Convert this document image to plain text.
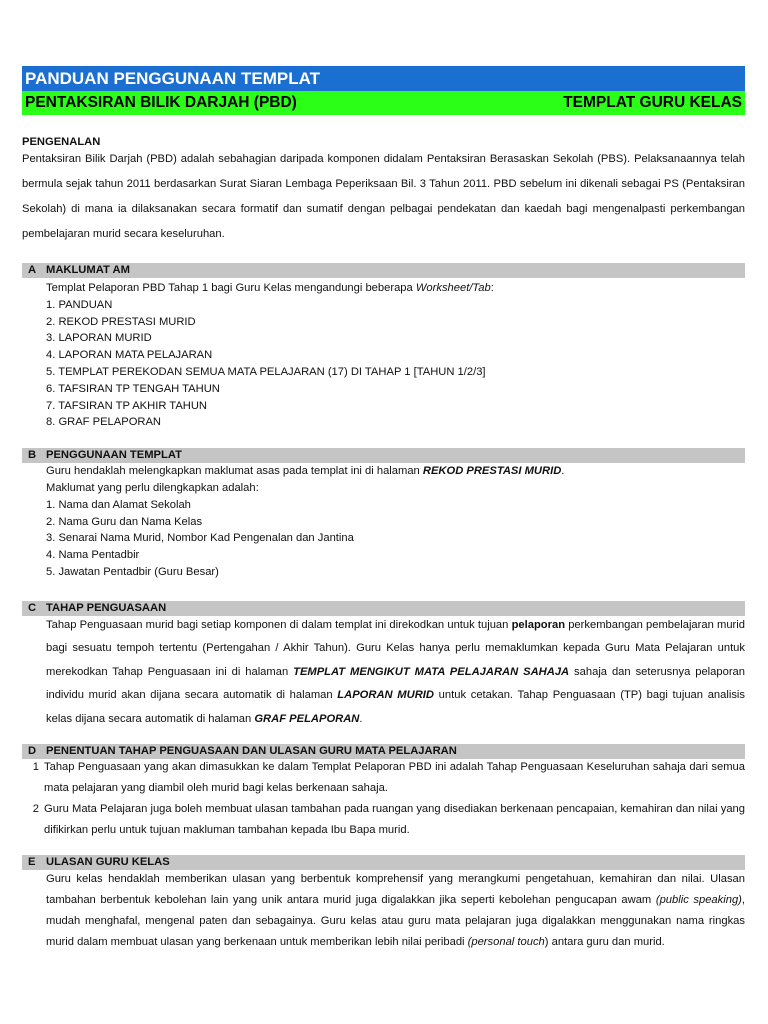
PANDUAN PENGGUNAAN TEMPLAT
PENTAKSIRAN BILIK DARJAH (PBD)	TEMPLAT GURU KELAS
PENGENALAN
Pentaksiran Bilik Darjah (PBD) adalah sebahagian daripada komponen didalam Pentaksiran Berasaskan Sekolah (PBS). Pelaksanaannya telah bermula sejak tahun 2011 berdasarkan Surat Siaran Lembaga Peperiksaan Bil. 3 Tahun 2011. PBD sebelum ini dikenali sebagai PS (Pentaksiran Sekolah) di mana ia dilaksanakan secara formatif dan sumatif dengan pelbagai pendekatan dan kaedah bagi mengenalpasti perkembangan pembelajaran murid secara keseluruhan.
A MAKLUMAT AM
Templat Pelaporan PBD Tahap 1 bagi Guru Kelas mengandungi beberapa Worksheet/Tab:
1. PANDUAN
2. REKOD PRESTASI MURID
3. LAPORAN MURID
4. LAPORAN MATA PELAJARAN
5. TEMPLAT PEREKODAN SEMUA MATA PELAJARAN (17) DI TAHAP 1 [TAHUN 1/2/3]
6. TAFSIRAN TP TENGAH TAHUN
7. TAFSIRAN TP AKHIR TAHUN
8. GRAF PELAPORAN
B PENGGUNAAN TEMPLAT
Guru hendaklah melengkapkan maklumat asas pada templat ini di halaman REKOD PRESTASI MURID.
Maklumat yang perlu dilengkapkan adalah:
1. Nama dan Alamat Sekolah
2. Nama Guru dan Nama Kelas
3. Senarai Nama Murid, Nombor Kad Pengenalan dan Jantina
4. Nama Pentadbir
5. Jawatan Pentadbir (Guru Besar)
C TAHAP PENGUASAAN
Tahap Penguasaan murid bagi setiap komponen di dalam templat ini direkodkan untuk tujuan pelaporan perkembangan pembelajaran murid bagi sesuatu tempoh tertentu (Pertengahan / Akhir Tahun). Guru Kelas hanya perlu memaklumkan kepada Guru Mata Pelajaran untuk merekodkan Tahap Penguasaan ini di halaman TEMPLAT MENGIKUT MATA PELAJARAN SAHAJA sahaja dan seterusnya pelaporan individu murid akan dijana secara automatik di halaman LAPORAN MURID untuk cetakan. Tahap Penguasaan (TP) bagi tujuan analisis kelas dijana secara automatik di halaman GRAF PELAPORAN.
D PENENTUAN TAHAP PENGUASAAN DAN ULASAN GURU MATA PELAJARAN
1 Tahap Penguasaan yang akan dimasukkan ke dalam Templat Pelaporan PBD ini adalah Tahap Penguasaan Keseluruhan sahaja dari semua mata pelajaran yang diambil oleh murid bagi kelas berkenaan sahaja.
2 Guru Mata Pelajaran juga boleh membuat ulasan tambahan pada ruangan yang disediakan berkenaan pencapaian, kemahiran dan nilai yang difikirkan perlu untuk tujuan makluman tambahan kepada Ibu Bapa murid.
E ULASAN GURU KELAS
Guru kelas hendaklah memberikan ulasan yang berbentuk komprehensif yang merangkumi pengetahuan, kemahiran dan nilai. Ulasan tambahan berbentuk kebolehan lain yang unik antara murid juga digalakkan jika seperti kebolehan pengucapan awam (public speaking), mudah menghafal, mengenal paten dan sebagainya. Guru kelas atau guru mata pelajaran juga digalakkan menggunakan nama ringkas murid dalam membuat ulasan yang berkenaan untuk memberikan lebih nilai peribadi (personal touch) antara guru dan murid.
